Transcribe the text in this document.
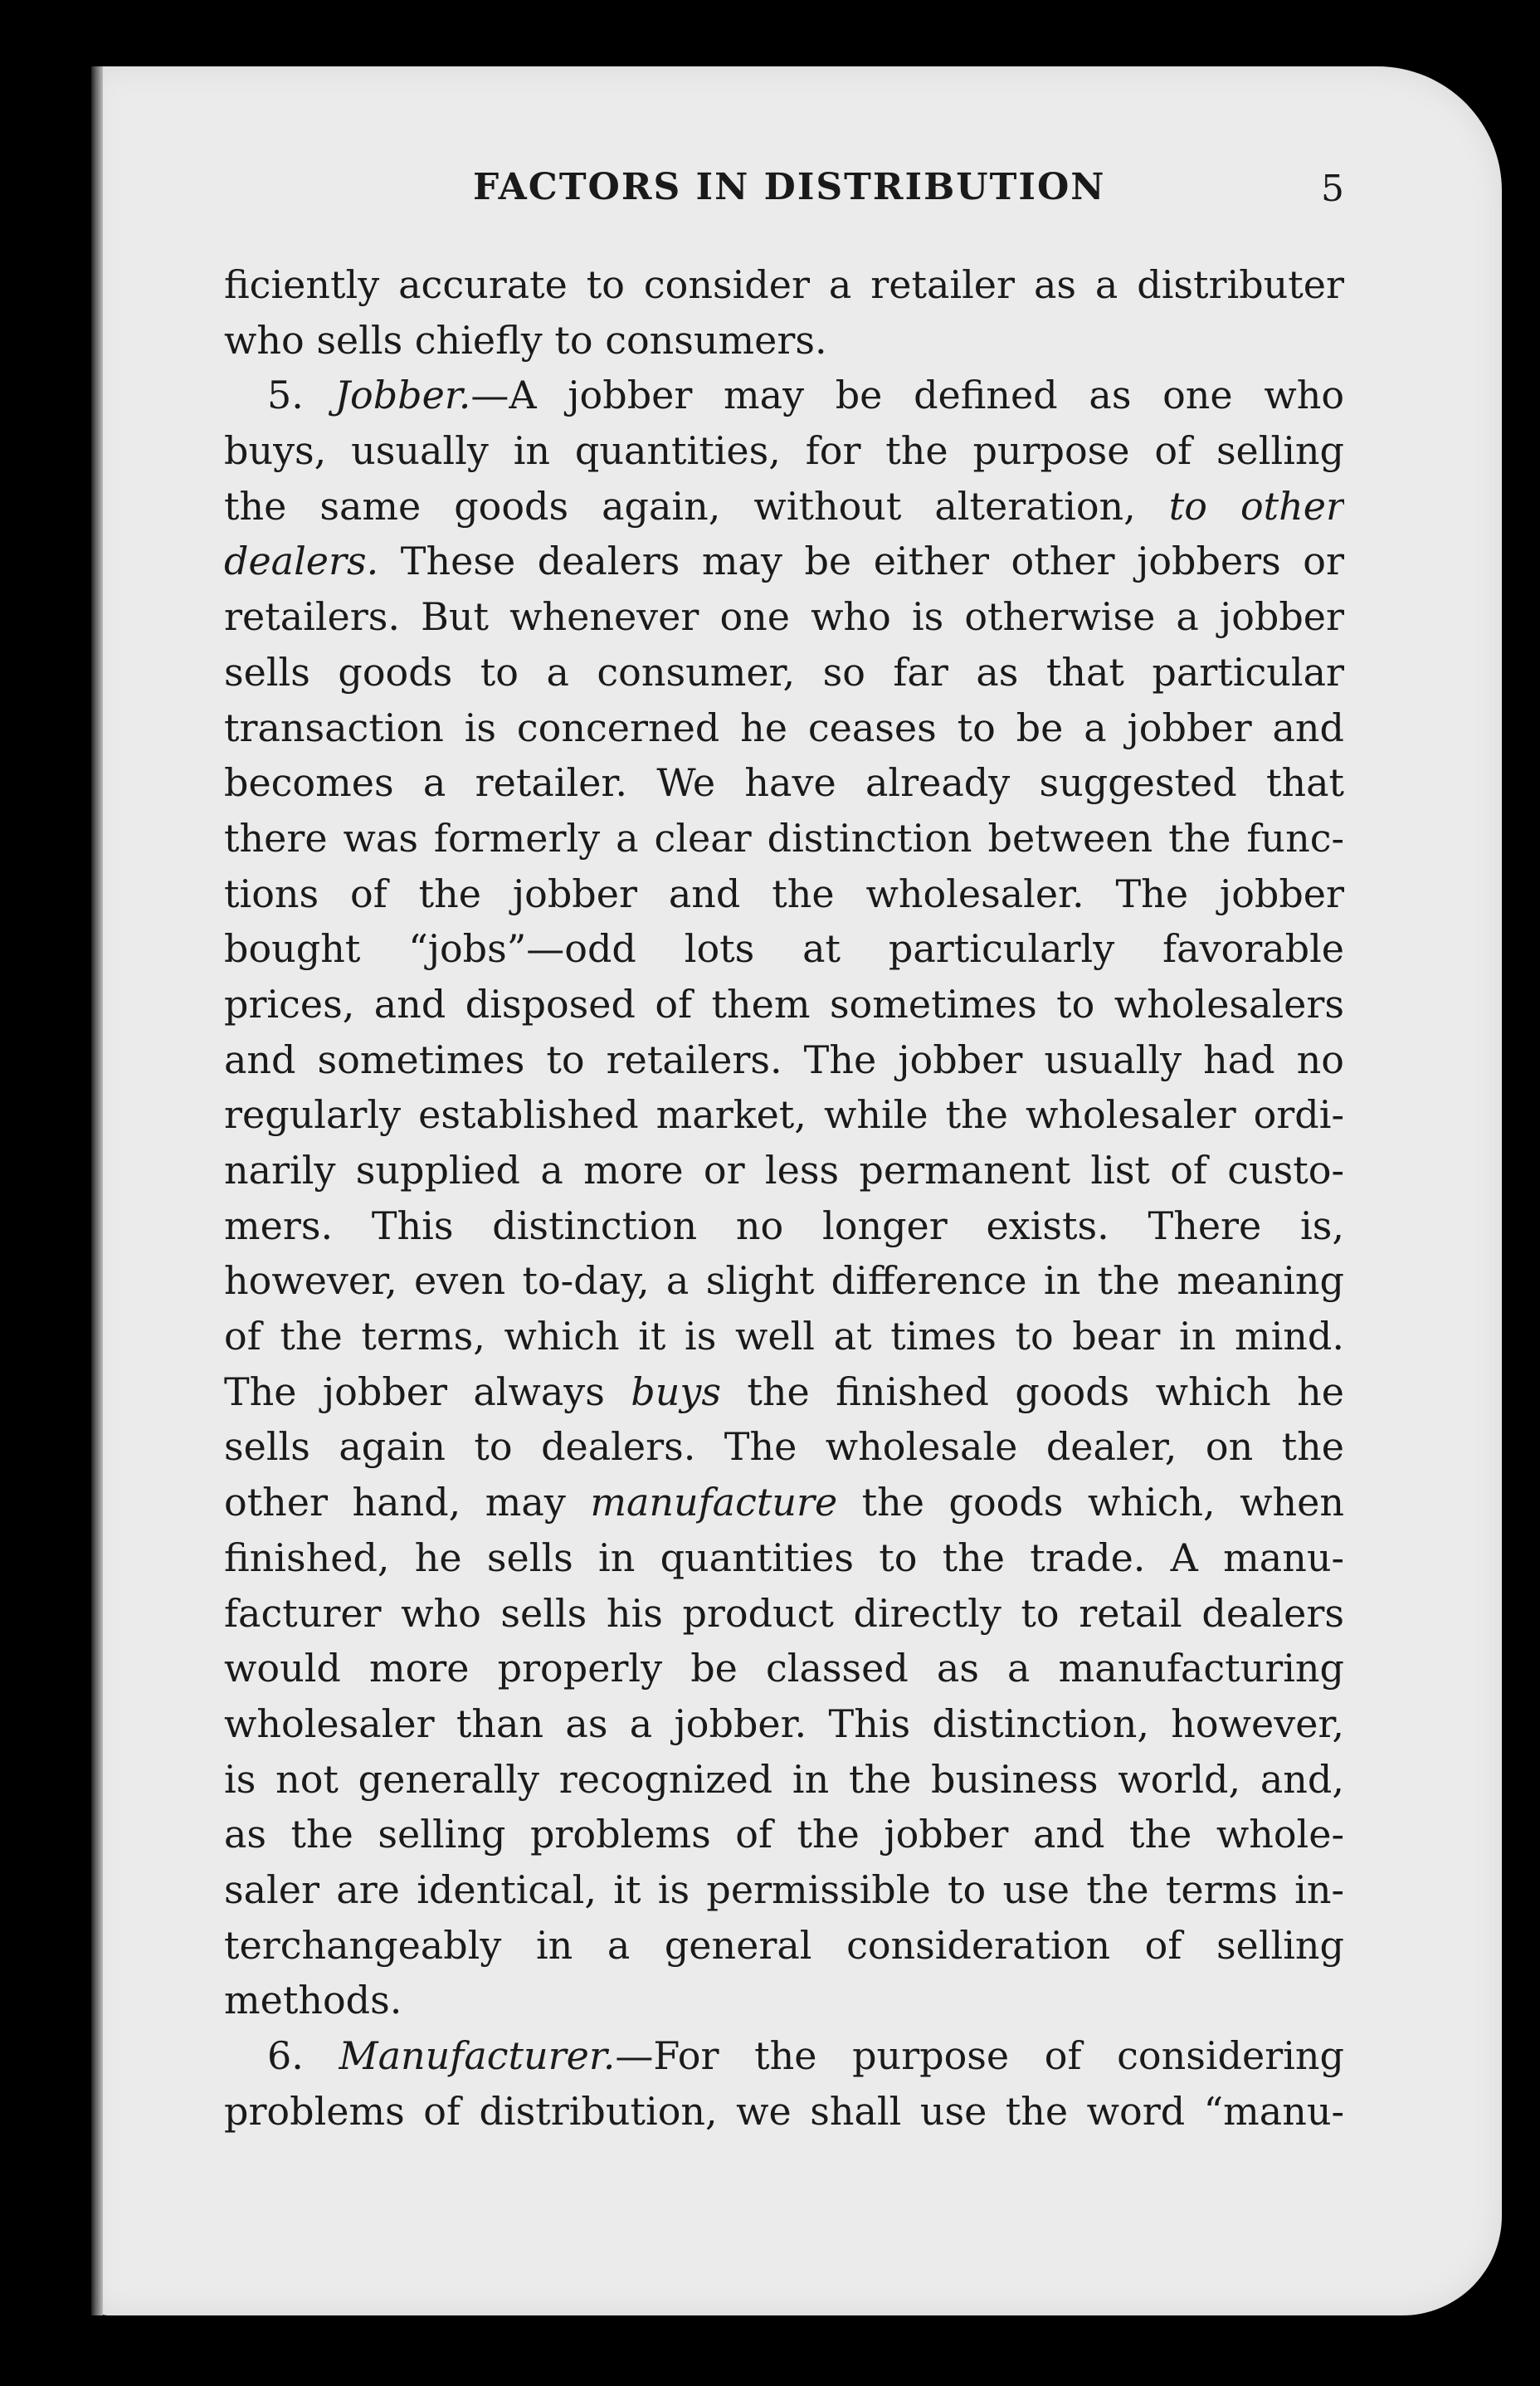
FACTORS IN DISTRIBUTION	5
ficiently accurate to consider a retailer as a distributer
who sells chiefly to consumers.
5. Jobber.—A jobber may be defined as one who
buys, usually in quantities, for the purpose of selling
the same goods again, without alteration, to other
dealers. These dealers may be either other jobbers or
retailers. But whenever one who is otherwise a jobber
sells goods to a consumer, so far as that particular
transaction is concerned he ceases to be a jobber and
becomes a retailer. We have already suggested that
there was formerly a clear distinction between the func-
tions of the jobber and the wholesaler. The jobber
bought “jobs”—odd lots at particularly favorable
prices, and disposed of them sometimes to wholesalers
and sometimes to retailers. The jobber usually had no
regularly established market, while the wholesaler ordi-
narily supplied a more or less permanent list of custo-
mers. This distinction no longer exists. There is,
however, even to-day, a slight difference in the meaning
of the terms, which it is well at times to bear in mind.
The jobber always buys the finished goods which he
sells again to dealers. The wholesale dealer, on the
other hand, may manufacture the goods which, when
finished, he sells in quantities to the trade. A manu-
facturer who sells his product directly to retail dealers
would more properly be classed as a manufacturing
wholesaler than as a jobber. This distinction, however,
is not generally recognized in the business world, and,
as the selling problems of the jobber and the whole-
saler are identical, it is permissible to use the terms in-
terchangeably in a general consideration of selling
methods.
6. Manufacturer.—For the purpose of considering
problems of distribution, we shall use the word “manu-
